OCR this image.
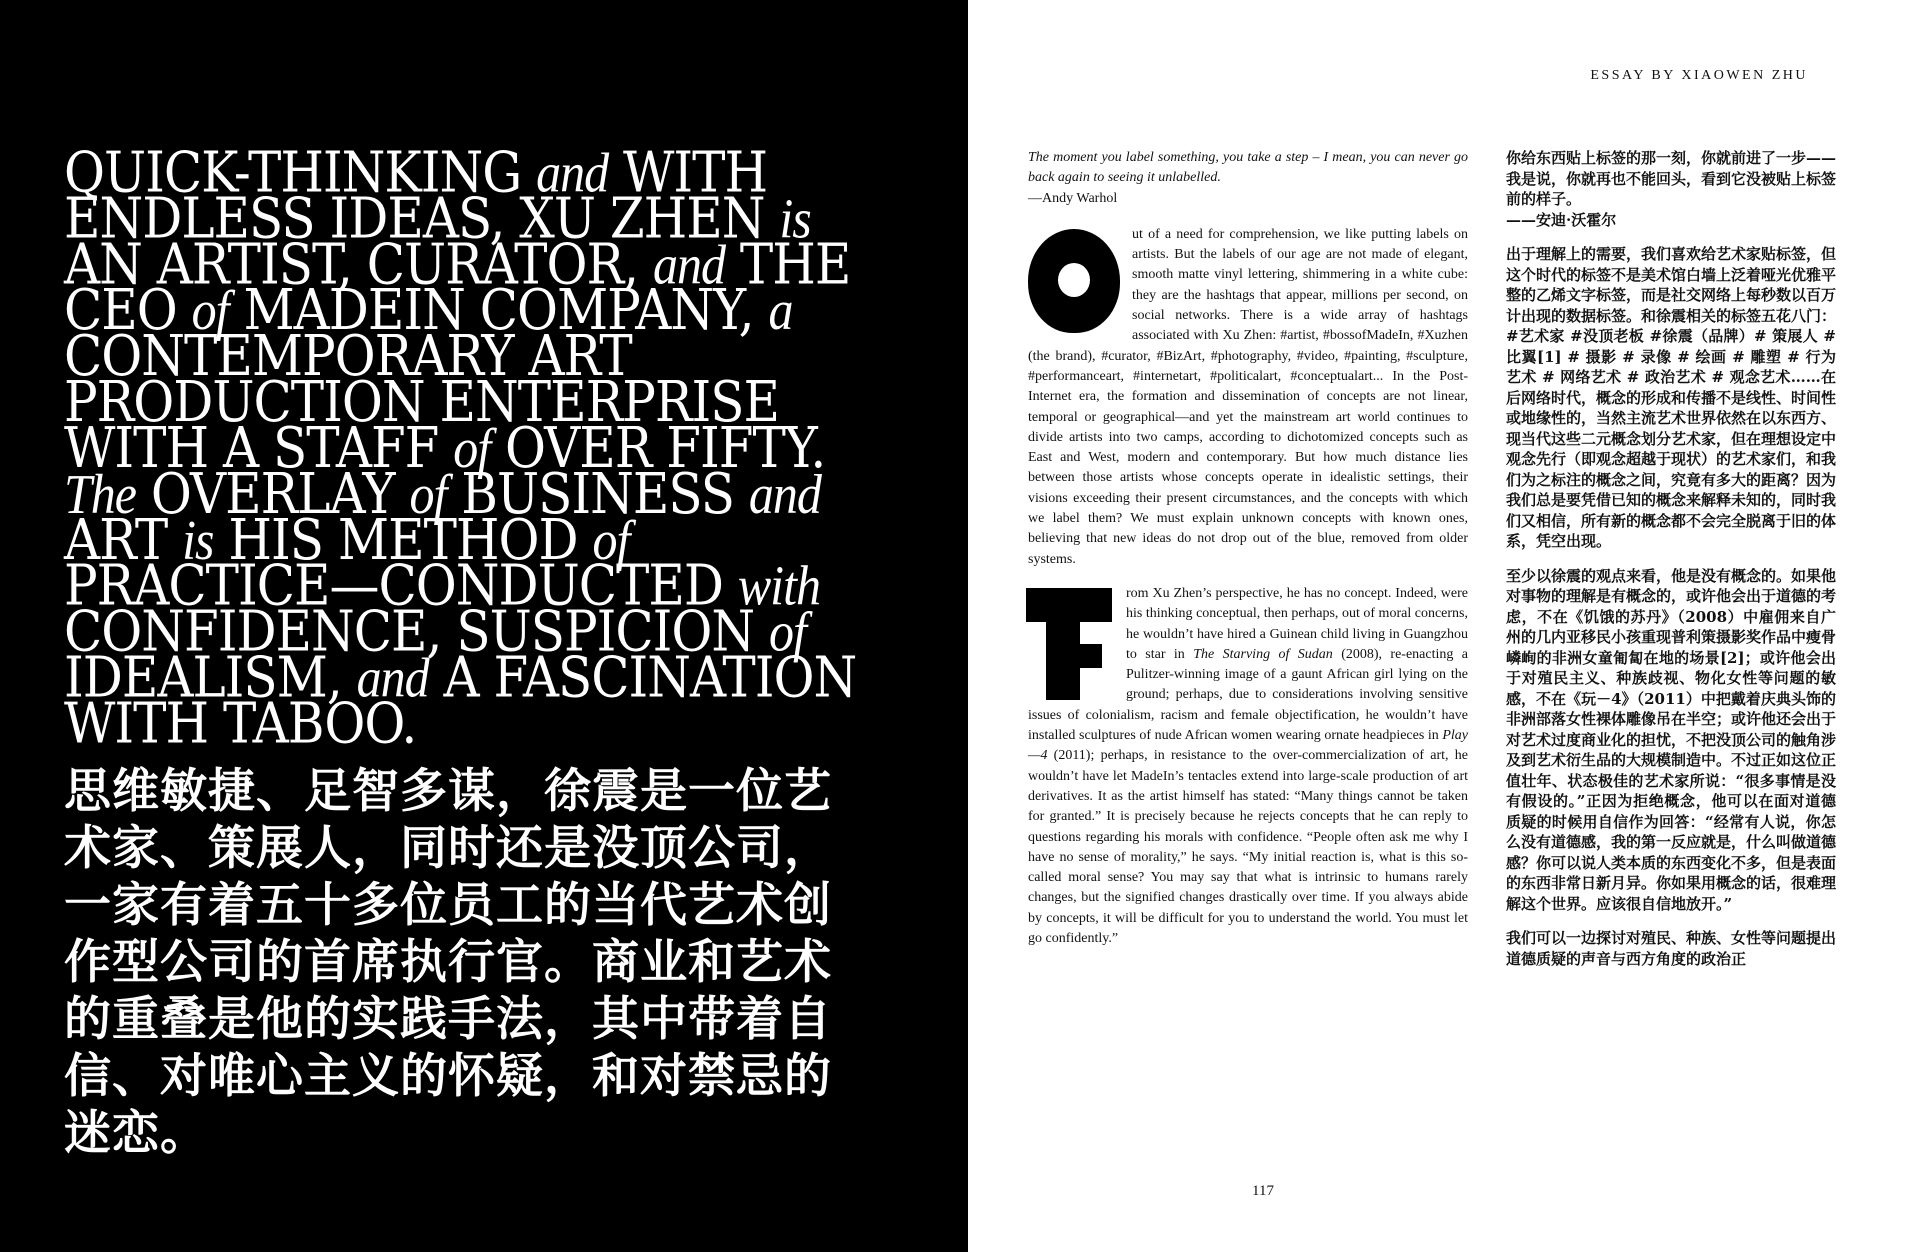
QUICK-THINKING and WITH ENDLESS IDEAS, XU ZHEN is AN ARTIST, CURATOR, and THE CEO of MADEIN COMPANY, a CONTEMPORARY ART PRODUCTION ENTERPRISE WITH A STAFF of OVER FIFTY. The OVERLAY of BUSINESS and ART is HIS METHOD of PRACTICE—CONDUCTED with CONFIDENCE, SUSPICION of IDEALISM, and A FASCINATION WITH TABOO.
思维敏捷、足智多谋，徐震是一位艺术家、策展人，同时还是没顶公司，一家有着五十多位员工的当代艺术创作型公司的首席执行官。商业和艺术的重叠是他的实践手法，其中带着自信、对唯心主义的怀疑，和对禁忌的迷恋。
ESSAY BY XIAOWEN ZHU

The moment you label something, you take a step – I mean, you can never go back again to seeing it unlabelled.

—Andy Warhol

ut of a need for comprehension, we like putting labels on artists. But the labels of our age are not made of elegant, smooth matte vinyl lettering, shimmering in a white cube: they are the hashtags that appear, millions per second, on social networks. There is a wide array of hashtags associated with Xu Zhen: #artist, #bossofMadeIn, #Xuzhen (the brand), #curator, #BizArt, #photography, #video, #painting, #sculpture, #performanceart, #internetart, #politicalart, #conceptualart... In the Post-Internet era, the formation and dissemination of concepts are not linear, temporal or geographical—and yet the mainstream art world continues to divide artists into two camps, according to dichotomized concepts such as East and West, modern and contemporary. But how much distance lies between those artists whose concepts operate in idealistic settings, their visions exceeding their present circumstances, and the concepts with which we label them? We must explain unknown concepts with known ones, believing that new ideas do not drop out of the blue, removed from older systems.
rom Xu Zhen’s perspective, he has no concept. Indeed, were his thinking conceptual, then perhaps, out of moral concerns, he wouldn’t have hired a Guinean child living in Guangzhou to star in The Starving of Sudan (2008), re-enacting a Pulitzer-winning image of a gaunt African girl lying on the ground; perhaps, due to considerations involving sensitive issues of colonialism, racism and female objectification, he wouldn’t have installed sculptures of nude African women wearing ornate headpieces in Play—4 (2011); perhaps, in resistance to the over-commercialization of art, he wouldn’t have let MadeIn’s tentacles extend into large-scale production of art derivatives. It as the artist himself has stated: “Many things cannot be taken for granted.” It is precisely because he rejects concepts that he can reply to questions regarding his morals with confidence. “People often ask me why I have no sense of morality,” he says. “My initial reaction is, what is this so-called moral sense? You may say that what is intrinsic to humans rarely changes, but the signified changes drastically over time. If you always abide by concepts, it will be difficult for you to understand the world. You must let go confidently.”
你给东西贴上标签的那一刻，你就前进了一步——我是说，你就再也不能回头，看到它没被贴上标签前的样子。
——安迪·沃霍尔
出于理解上的需要，我们喜欢给艺术家贴标签，但这个时代的标签不是美术馆白墙上泛着哑光优雅平整的乙烯文字标签，而是社交网络上每秒数以百万计出现的数据标签。和徐震相关的标签五花八门：#艺术家 #没顶老板 #徐震（品牌）# 策展人 # 比翼[1] # 摄影 # 录像 # 绘画 # 雕塑 # 行为艺术 # 网络艺术 # 政治艺术 # 观念艺术……在后网络时代，概念的形成和传播不是线性、时间性或地缘性的，当然主流艺术世界依然在以东西方、现当代这些二元概念划分艺术家，但在理想设定中观念先行（即观念超越于现状）的艺术家们，和我们为之标注的概念之间，究竟有多大的距离？因为我们总是要凭借已知的概念来解释未知的，同时我们又相信，所有新的概念都不会完全脱离于旧的体系，凭空出现。
至少以徐震的观点来看，他是没有概念的。如果他对事物的理解是有概念的，或许他会出于道德的考虑，不在《饥饿的苏丹》（2008）中雇佣来自广州的几内亚移民小孩重现普利策摄影奖作品中瘦骨嶙峋的非洲女童匍匐在地的场景[2]；或许他会出于对殖民主义、种族歧视、物化女性等问题的敏感，不在《玩－4》（2011）中把戴着庆典头饰的非洲部落女性裸体雕像吊在半空；或许他还会出于对艺术过度商业化的担忧，不把没顶公司的触角涉及到艺术衍生品的大规模制造中。不过正如这位正值壮年、状态极佳的艺术家所说：“很多事情是没有假设的。”正因为拒绝概念，他可以在面对道德质疑的时候用自信作为回答：“经常有人说，你怎么没有道德感，我的第一反应就是，什么叫做道德感？你可以说人类本质的东西变化不多，但是表面的东西非常日新月异。你如果用概念的话，很难理解这个世界。应该很自信地放开。”
我们可以一边探讨对殖民、种族、女性等问题提出道德质疑的声音与西方角度的政治正
117
